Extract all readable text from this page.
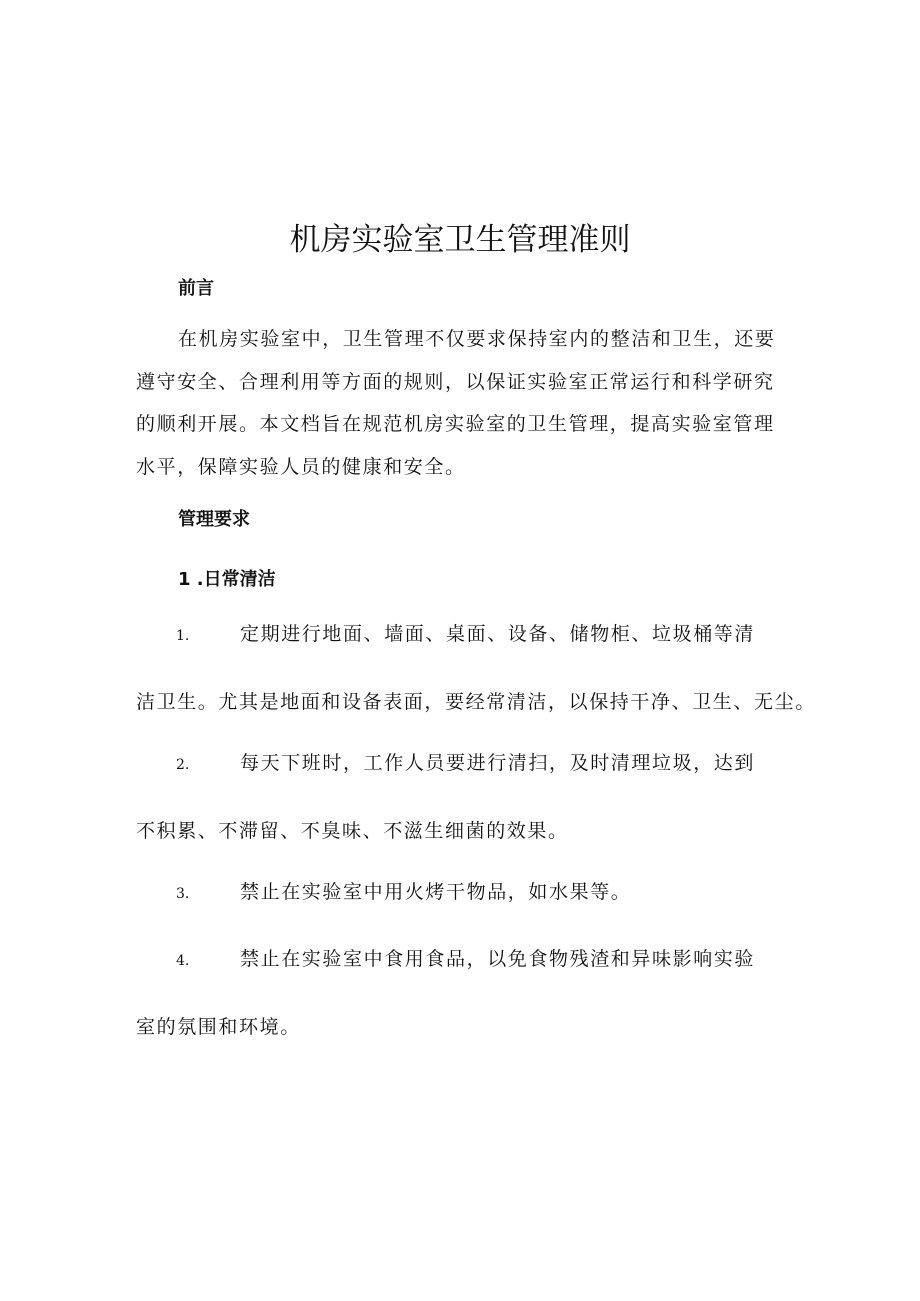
机房实验室卫生管理准则
前言

在机房实验室中，卫生管理不仅要求保持室内的整洁和卫生，还要遵守安全、合理利用等方面的规则，以保证实验室正常运行和科学研究的顺利开展。本文档旨在规范机房实验室的卫生管理，提高实验室管理水平，保障实验人员的健康和安全。

管理要求
1 .日常清洁
1.	定期进行地面、墙面、桌面、设备、储物柜、垃圾桶等清
洁卫生。尤其是地面和设备表面，要经常清洁，以保持干净、卫生、无尘。
2.	每天下班时，工作人员要进行清扫，及时清理垃圾，达到
不积累、不滞留、不臭味、不滋生细菌的效果。
3.	禁止在实验室中用火烤干物品，如水果等。
4.	禁止在实验室中食用食品，以免食物残渣和异味影响实验
室的氛围和环境。
